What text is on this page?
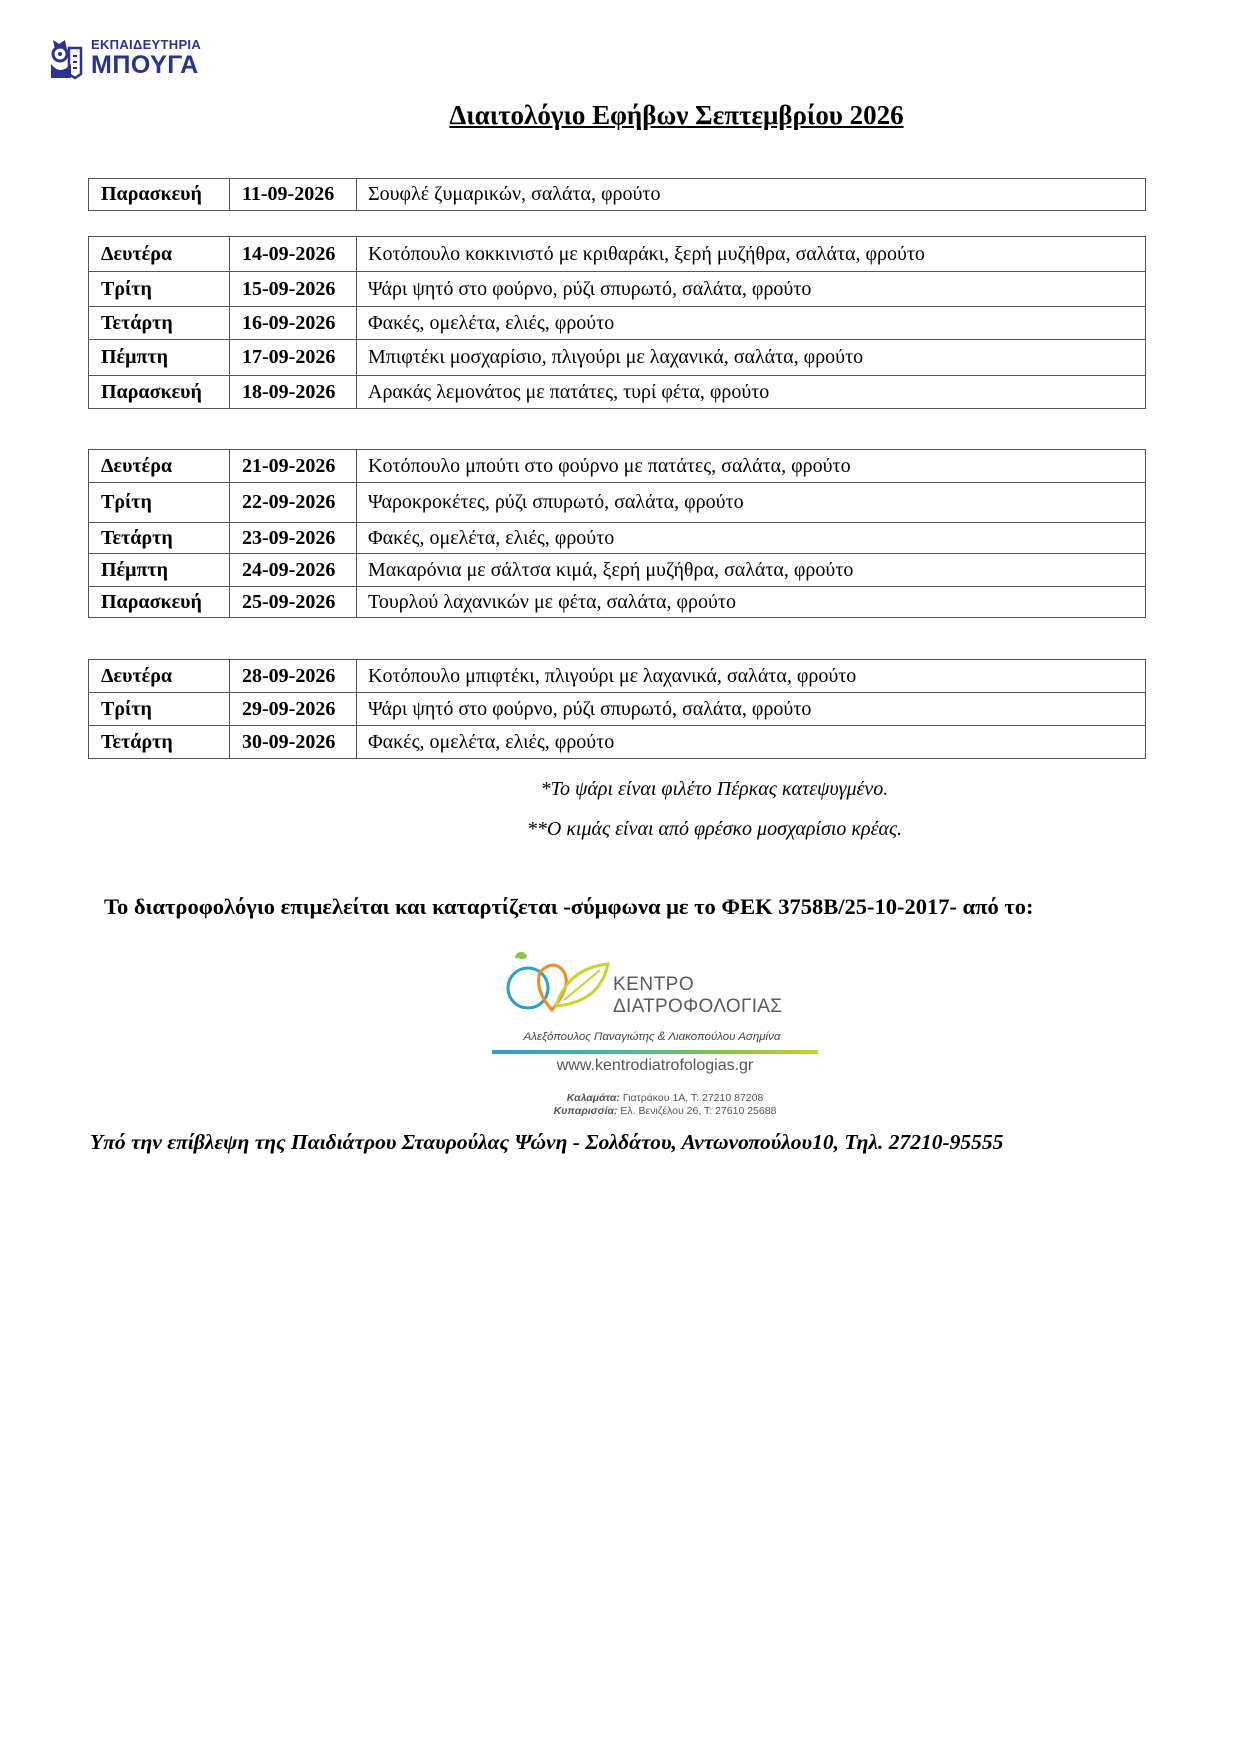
ΕΚΠΑΙΔΕΥΤΗΡΙΑ
ΜΠΟΥΓΑ
Διαιτολόγιο Εφήβων Σεπτεμβρίου 2026
Παρασκευή	11-09-2026	Σουφλέ ζυμαρικών, σαλάτα, φρούτο
Δευτέρα	14-09-2026	Κοτόπουλο κοκκινιστό με κριθαράκι, ξερή μυζήθρα, σαλάτα, φρούτο
Τρίτη	15-09-2026	Ψάρι ψητό στο φούρνο, ρύζι σπυρωτό, σαλάτα, φρούτο
Τετάρτη	16-09-2026	Φακές, ομελέτα, ελιές, φρούτο
Πέμπτη	17-09-2026	Μπιφτέκι μοσχαρίσιο, πλιγούρι με λαχανικά, σαλάτα, φρούτο
Παρασκευή	18-09-2026	Αρακάς λεμονάτος με πατάτες, τυρί φέτα, φρούτο
Δευτέρα	21-09-2026	Κοτόπουλο μπούτι στο φούρνο με πατάτες, σαλάτα, φρούτο
Τρίτη	22-09-2026	Ψαροκροκέτες, ρύζι σπυρωτό, σαλάτα, φρούτο
Τετάρτη	23-09-2026	Φακές, ομελέτα, ελιές, φρούτο
Πέμπτη	24-09-2026	Μακαρόνια με σάλτσα κιμά, ξερή μυζήθρα, σαλάτα, φρούτο
Παρασκευή	25-09-2026	Τουρλού λαχανικών με φέτα, σαλάτα, φρούτο
Δευτέρα	28-09-2026	Κοτόπουλο μπιφτέκι, πλιγούρι με λαχανικά, σαλάτα, φρούτο
Τρίτη	29-09-2026	Ψάρι ψητό στο φούρνο, ρύζι σπυρωτό, σαλάτα, φρούτο
Τετάρτη	30-09-2026	Φακές, ομελέτα, ελιές, φρούτο
*Το ψάρι είναι φιλέτο Πέρκας κατεψυγμένο.
**Ο κιμάς είναι από φρέσκο μοσχαρίσιο κρέας.
Το διατροφολόγιο επιμελείται και καταρτίζεται -σύμφωνα με το ΦΕΚ 3758Β/25-10-2017- από το:
ΚΕΝΤΡΟ
ΔΙΑΤΡΟΦΟΛΟΓΙΑΣ
Αλεξόπουλος Παναγιώτης & Λιακοπούλου Ασημίνα
www.kentrodiatrofologias.gr
Καλαμάτα: Γιατράκου 1Α, Τ: 27210 87208
Κυπαρισσία: Ελ. Βενιζέλου 26, Τ: 27610 25688
Υπό την επίβλεψη της Παιδιάτρου Σταυρούλας Ψώνη - Σολδάτου, Αντωνοπούλου10, Τηλ. 27210-95555
